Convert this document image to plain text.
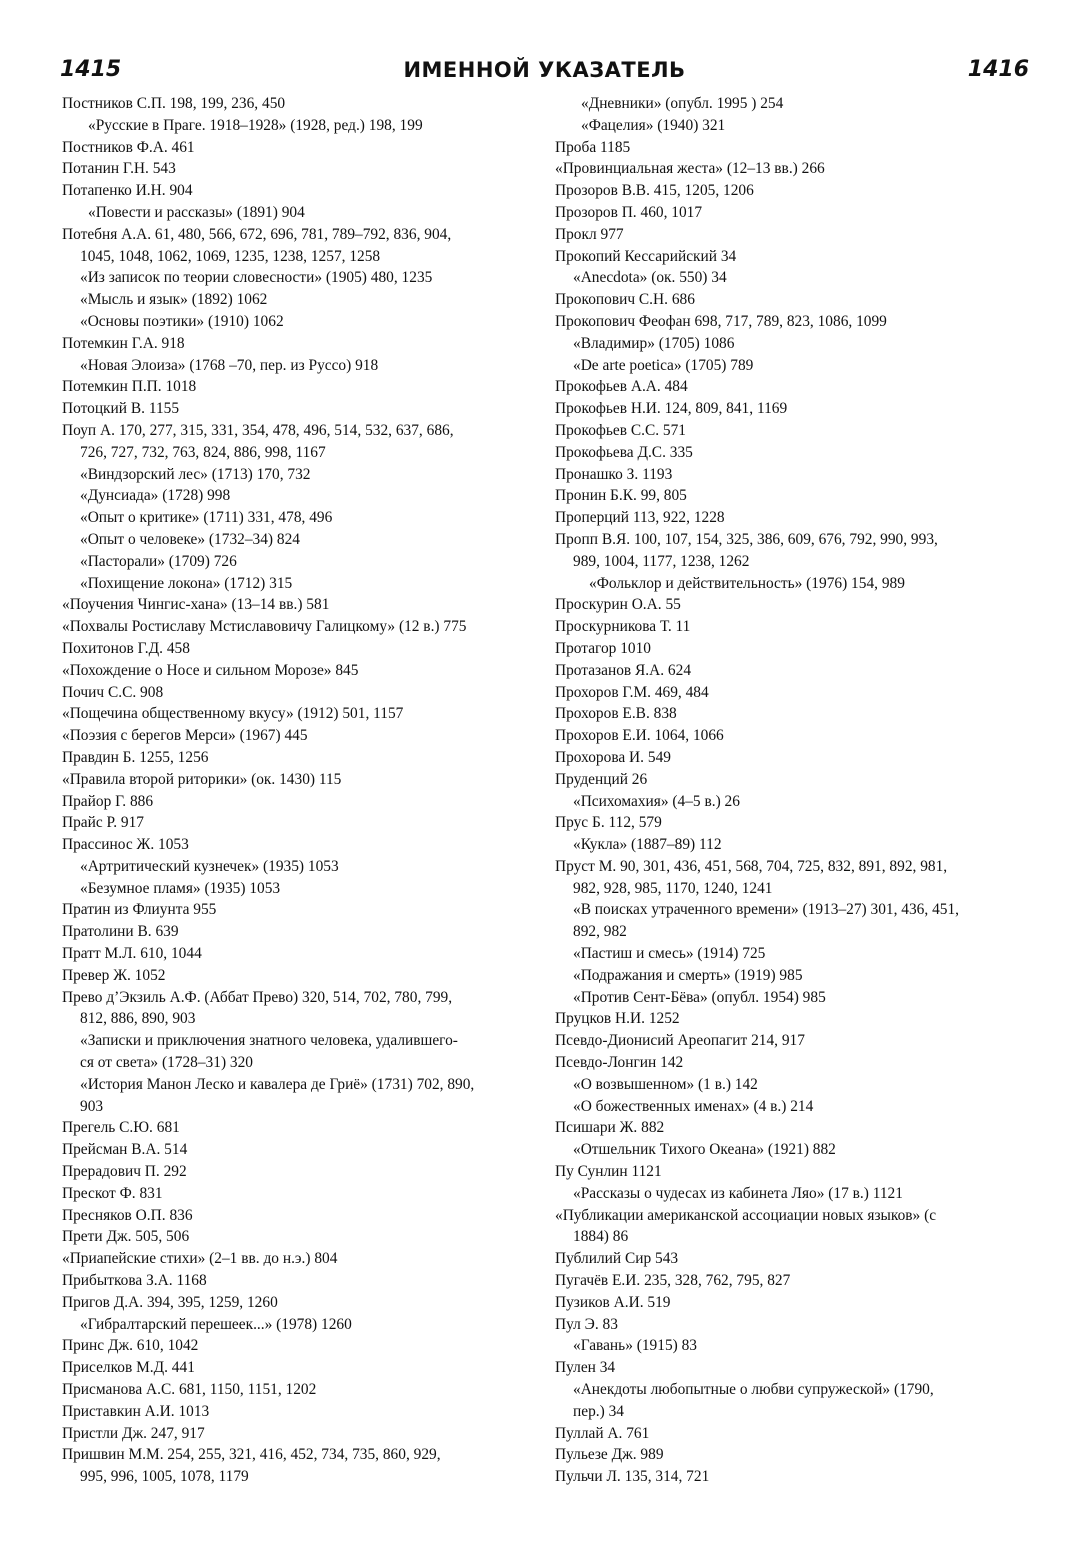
1415	ИМЕННОЙ УКАЗАТЕЛЬ	1416
Постников С.П. 198, 199, 236, 450
«Русские в Праге. 1918–1928» (1928, ред.) 198, 199
Постников Ф.А. 461
Потанин Г.Н. 543
Потапенко И.Н. 904
«Повести и рассказы» (1891) 904
Потебня А.А. 61, 480, 566, 672, 696, 781, 789–792, 836, 904,
1045, 1048, 1062, 1069, 1235, 1238, 1257, 1258
«Из записок по теории словесности» (1905) 480, 1235
«Мысль и язык» (1892) 1062
«Основы поэтики» (1910) 1062
Потемкин Г.А. 918
«Новая Элоиза» (1768 –70, пер. из Руссо) 918
Потемкин П.П. 1018
Потоцкий В. 1155
Поуп А. 170, 277, 315, 331, 354, 478, 496, 514, 532, 637, 686,
726, 727, 732, 763, 824, 886, 998, 1167
«Виндзорский лес» (1713) 170, 732
«Дунсиада» (1728) 998
«Опыт о критике» (1711) 331, 478, 496
«Опыт о человеке» (1732–34) 824
«Пасторали» (1709) 726
«Похищение локона» (1712) 315
«Поучения Чингис-хана» (13–14 вв.) 581
«Похвалы Ростиславу Мстиславовичу Галицкому» (12 в.) 775
Похитонов Г.Д. 458
«Похождение о Носе и сильном Морозе» 845
Почич С.С. 908
«Пощечина общественному вкусу» (1912) 501, 1157
«Поэзия с берегов Мерси» (1967) 445
Правдин Б. 1255, 1256
«Правила второй риторики» (ок. 1430) 115
Прайор Г. 886
Прайс Р. 917
Прассинос Ж. 1053
«Артритический кузнечек» (1935) 1053
«Безумное пламя» (1935) 1053
Пратин из Флиунта 955
Пратолини В. 639
Пратт М.Л. 610, 1044
Превер Ж. 1052
Прево д’Экзиль А.Ф. (Аббат Прево) 320, 514, 702, 780, 799,
812, 886, 890, 903
«Записки и приключения знатного человека, удалившего-
ся от света» (1728–31) 320
«История Манон Леско и кавалера де Гриё» (1731) 702, 890,
903
Прегель С.Ю. 681
Прейсман В.А. 514
Прерадович П. 292
Прескот Ф. 831
Пресняков О.П. 836
Прети Дж. 505, 506
«Приапейские стихи» (2–1 вв. до н.э.) 804
Прибыткова З.А. 1168
Пригов Д.А. 394, 395, 1259, 1260
«Гибралтарский перешеек...» (1978) 1260
Принс Дж. 610, 1042
Приселков М.Д. 441
Присманова А.С. 681, 1150, 1151, 1202
Приставкин А.И. 1013
Пристли Дж. 247, 917
Пришвин М.М. 254, 255, 321, 416, 452, 734, 735, 860, 929,
995, 996, 1005, 1078, 1179
«Дневники» (опубл. 1995 ) 254
«Фацелия» (1940) 321
Проба 1185
«Провинциальная жеста» (12–13 вв.) 266
Прозоров В.В. 415, 1205, 1206
Прозоров П. 460, 1017
Прокл 977
Прокопий Кессарийский 34
«Anecdota» (ок. 550) 34
Прокопович С.Н. 686
Прокопович Феофан 698, 717, 789, 823, 1086, 1099
«Владимир» (1705) 1086
«De arte poetica» (1705) 789
Прокофьев А.А. 484
Прокофьев Н.И. 124, 809, 841, 1169
Прокофьев С.С. 571
Прокофьева Д.С. 335
Пронашко З. 1193
Пронин Б.К. 99, 805
Проперций 113, 922, 1228
Пропп В.Я. 100, 107, 154, 325, 386, 609, 676, 792, 990, 993,
989, 1004, 1177, 1238, 1262
«Фольклор и действительность» (1976) 154, 989
Проскурин О.А. 55
Проскурникова Т. 11
Протагор 1010
Протазанов Я.А. 624
Прохоров Г.М. 469, 484
Прохоров Е.В. 838
Прохоров Е.И. 1064, 1066
Прохорова И. 549
Пруденций 26
«Психомахия» (4–5 в.) 26
Прус Б. 112, 579
«Кукла» (1887–89) 112
Пруст М. 90, 301, 436, 451, 568, 704, 725, 832, 891, 892, 981,
982, 928, 985, 1170, 1240, 1241
«В поисках утраченного времени» (1913–27) 301, 436, 451,
892, 982
«Пастиш и смесь» (1914) 725
«Подражания и смерть» (1919) 985
«Против Сент-Бёва» (опубл. 1954) 985
Пруцков Н.И. 1252
Псевдо-Дионисий Ареопагит 214, 917
Псевдо-Лонгин 142
«О возвышенном» (1 в.) 142
«О божественных именах» (4 в.) 214
Псишари Ж. 882
«Отшельник Тихого Океана» (1921) 882
Пу Сунлин 1121
«Рассказы о чудесах из кабинета Ляо» (17 в.) 1121
«Публикации американской ассоциации новых языков» (с
1884) 86
Публилий Сир 543
Пугачёв Е.И. 235, 328, 762, 795, 827
Пузиков А.И. 519
Пул Э. 83
«Гавань» (1915) 83
Пулен 34
«Анекдоты любопытные о любви супружеской» (1790,
пер.) 34
Пуллай А. 761
Пульезе Дж. 989
Пульчи Л. 135, 314, 721
